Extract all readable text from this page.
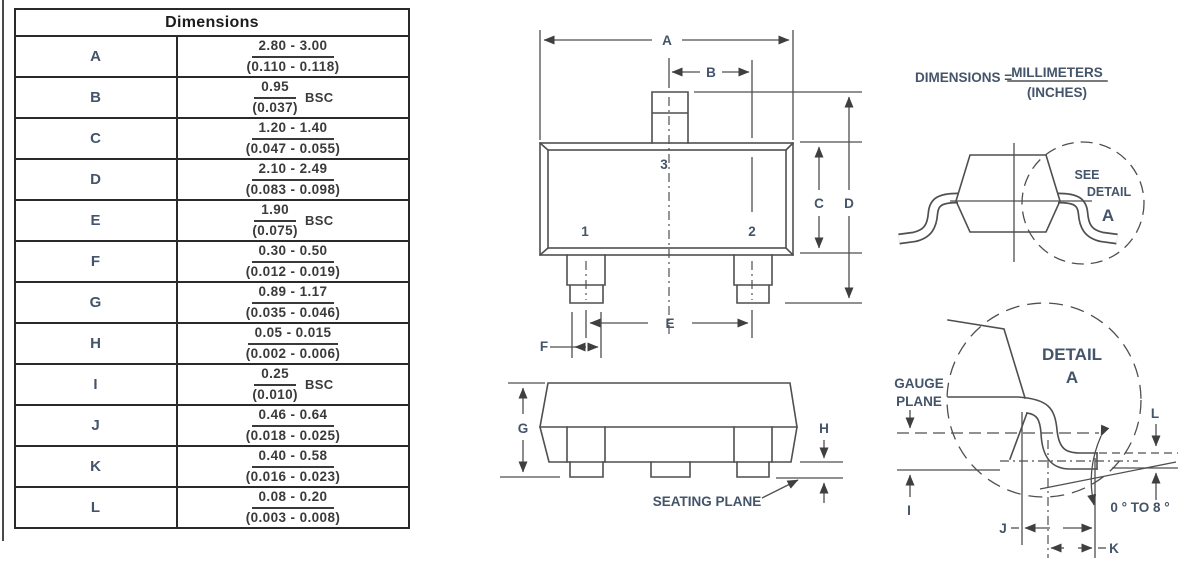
Dimensions
A	$\frac{2.80 - 3.00}{(0.110 - 0.118)}$
B	$\frac{0.95}{(0.037)}$ BSC
C	$\frac{1.20 - 1.40}{(0.047 - 0.055)}$
D	$\frac{2.10 - 2.49}{(0.083 - 0.098)}$
E	$\frac{1.90}{(0.075)}$ BSC
F	$\frac{0.30 - 0.50}{(0.012 - 0.019)}$
G	$\frac{0.89 - 1.17}{(0.035 - 0.046)}$
H	$\frac{0.05 - 0.015}{(0.002 - 0.006)}$
I	$\frac{0.25}{(0.010)}$ BSC
J	$\frac{0.46 - 0.64}{(0.018 - 0.025)}$
K	$\frac{0.40 - 0.58}{(0.016 - 0.023)}$
L	$\frac{0.08 - 0.20}{(0.003 - 0.008)}$
A
B
1	2
3
C D
E
F
G	H
SEATING PLANE
DIMENSIONS = MILLIMETERS
(INCHES)
SEE
DETAIL
A
DETAIL
A
GAUGE
PLANE
I
J
K
L
0 ° TO 8 °
